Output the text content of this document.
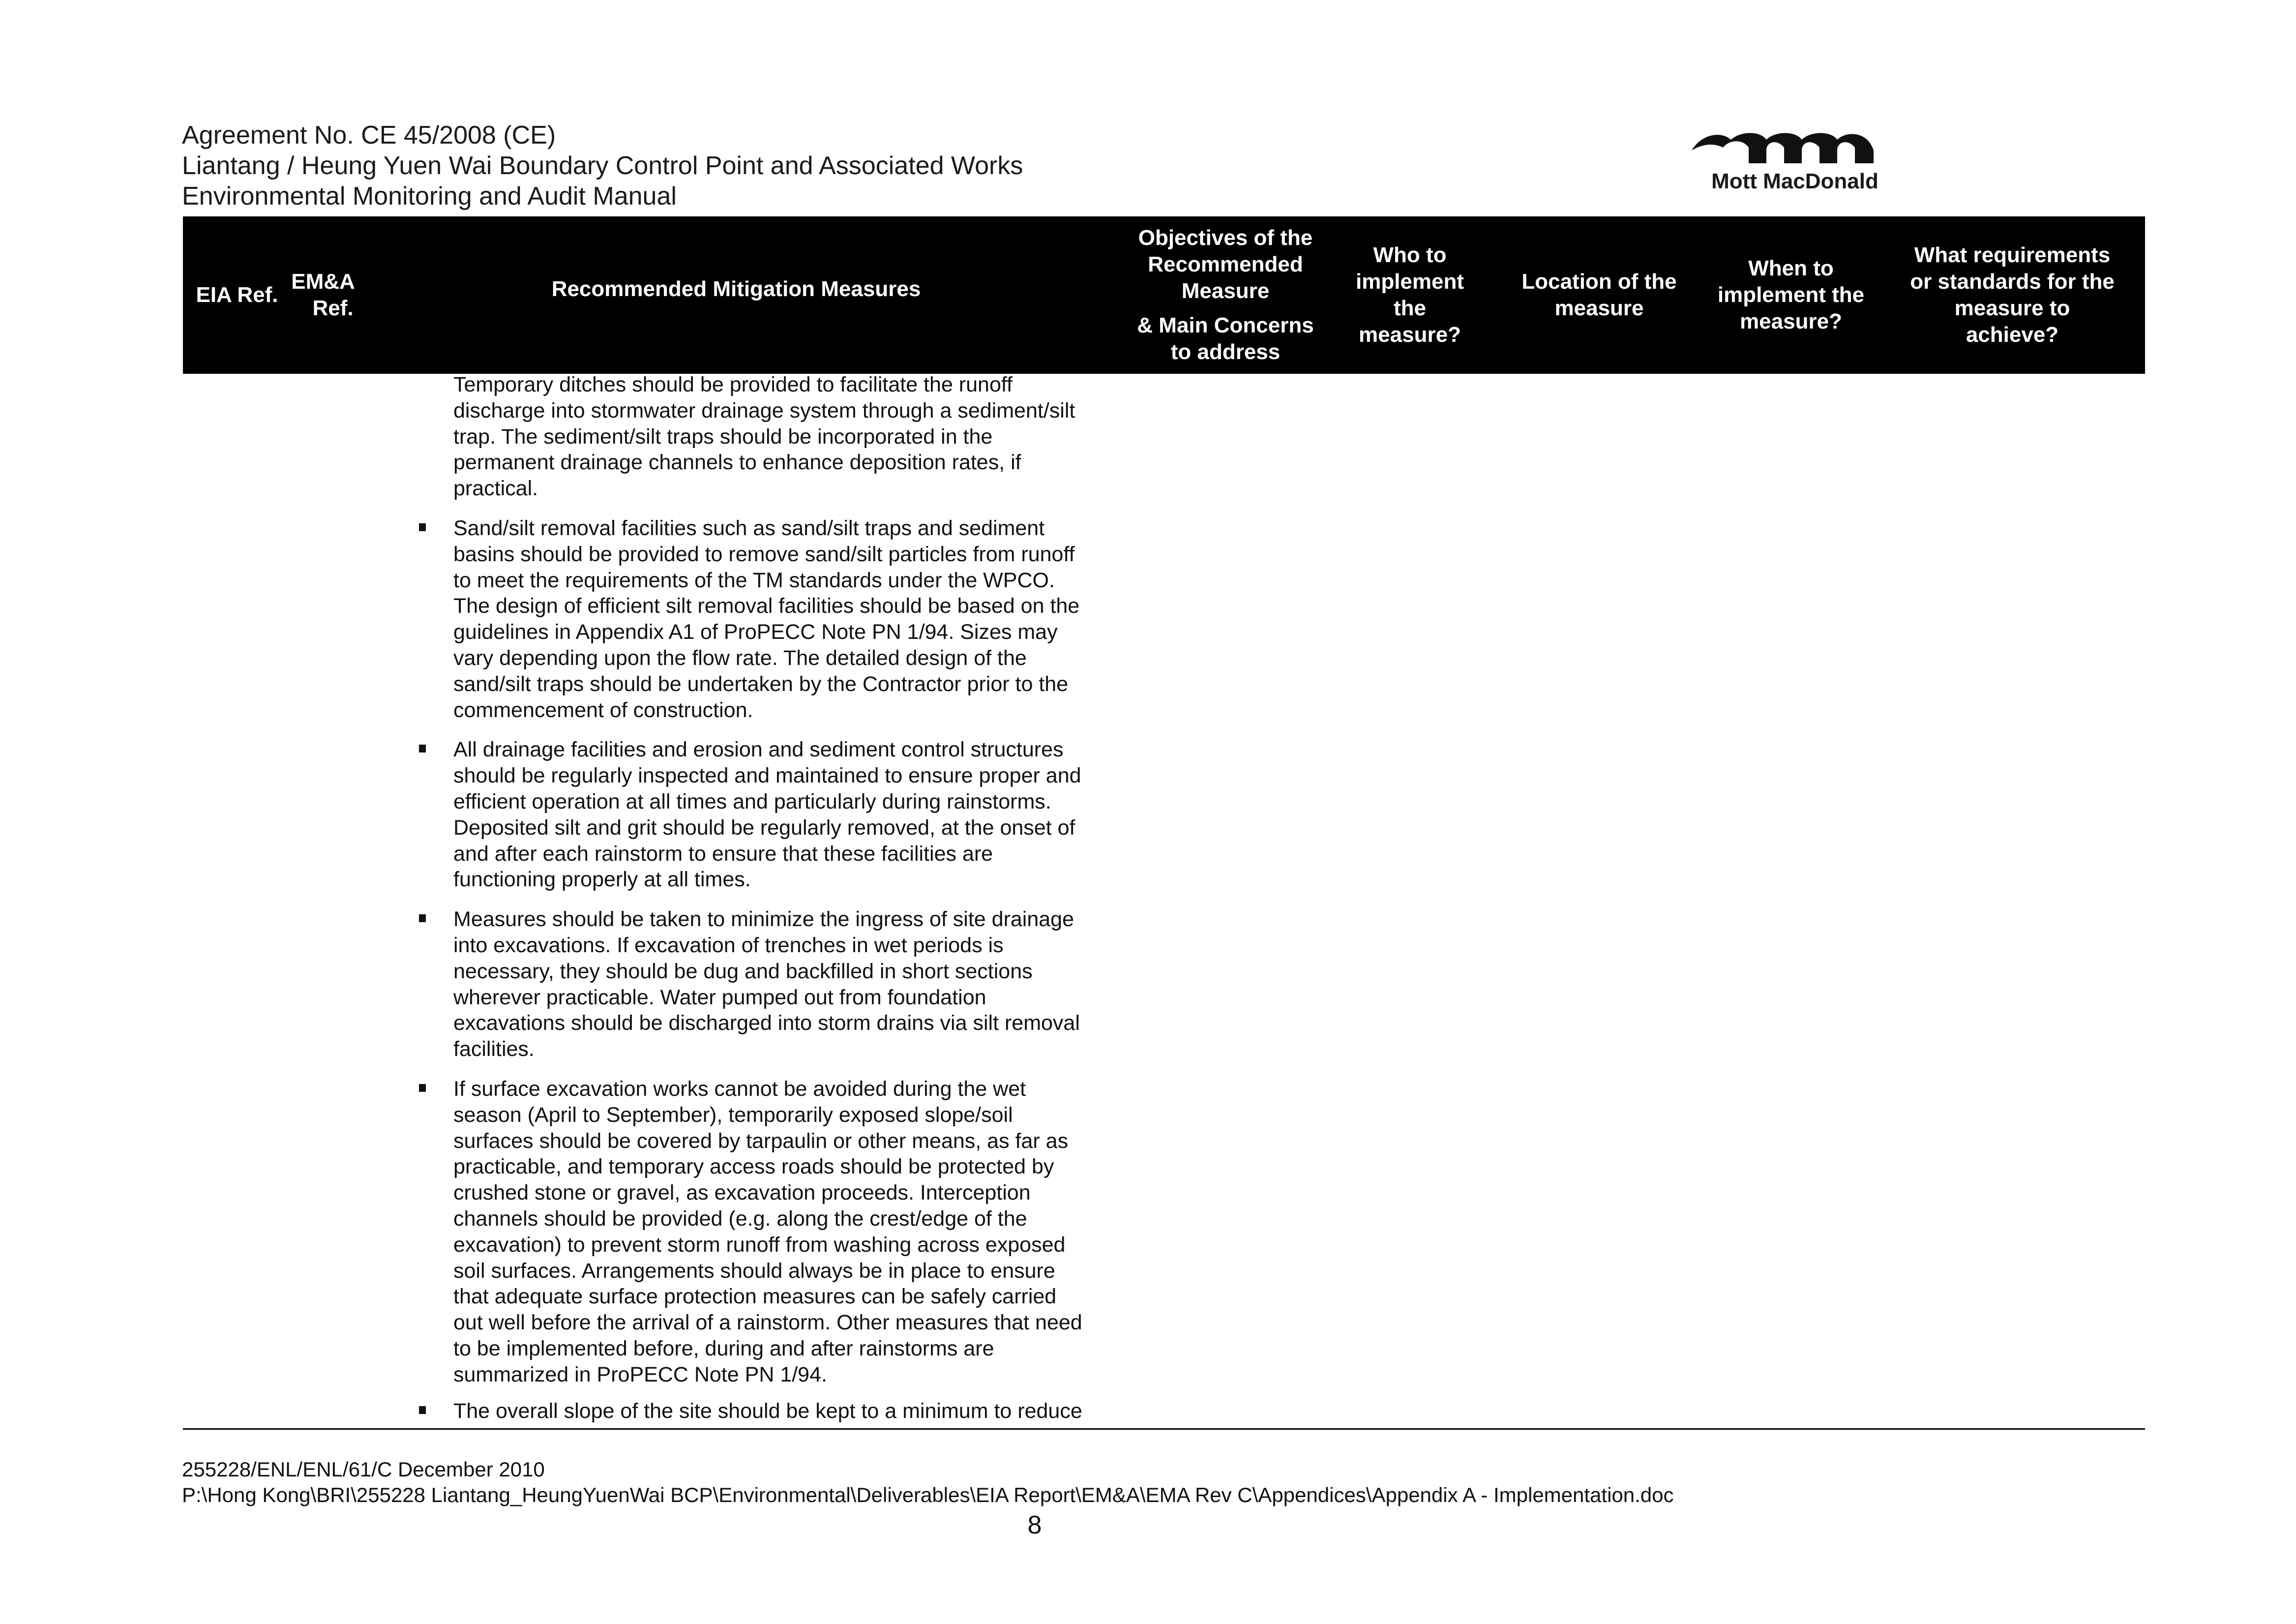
Agreement No. CE 45/2008 (CE)
Liantang / Heung Yuen Wai Boundary Control Point and Associated Works
Environmental Monitoring and Audit Manual
Mott MacDonald
EIA Ref.
EM&A
Ref.
Recommended Mitigation Measures
Objectives of the
Recommended
Measure
& Main Concerns
to address
Who to
implement
the
measure?
Location of the
measure
When to
implement the
measure?
What requirements
or standards for the
measure to
achieve?
Temporary ditches should be provided to facilitate the runoff
discharge into stormwater drainage system through a sediment/silt
trap. The sediment/silt traps should be incorporated in the
permanent drainage channels to enhance deposition rates, if
practical.
Sand/silt removal facilities such as sand/silt traps and sediment
basins should be provided to remove sand/silt particles from runoff
to meet the requirements of the TM standards under the WPCO.
The design of efficient silt removal facilities should be based on the
guidelines in Appendix A1 of ProPECC Note PN 1/94. Sizes may
vary depending upon the flow rate. The detailed design of the
sand/silt traps should be undertaken by the Contractor prior to the
commencement of construction.
All drainage facilities and erosion and sediment control structures
should be regularly inspected and maintained to ensure proper and
efficient operation at all times and particularly during rainstorms.
Deposited silt and grit should be regularly removed, at the onset of
and after each rainstorm to ensure that these facilities are
functioning properly at all times.
Measures should be taken to minimize the ingress of site drainage
into excavations. If excavation of trenches in wet periods is
necessary, they should be dug and backfilled in short sections
wherever practicable. Water pumped out from foundation
excavations should be discharged into storm drains via silt removal
facilities.
If surface excavation works cannot be avoided during the wet
season (April to September), temporarily exposed slope/soil
surfaces should be covered by tarpaulin or other means, as far as
practicable, and temporary access roads should be protected by
crushed stone or gravel, as excavation proceeds. Interception
channels should be provided (e.g. along the crest/edge of the
excavation) to prevent storm runoff from washing across exposed
soil surfaces. Arrangements should always be in place to ensure
that adequate surface protection measures can be safely carried
out well before the arrival of a rainstorm. Other measures that need
to be implemented before, during and after rainstorms are
summarized in ProPECC Note PN 1/94.
The overall slope of the site should be kept to a minimum to reduce
255228/ENL/ENL/61/C December 2010
P:\Hong Kong\BRI\255228 Liantang_HeungYuenWai BCP\Environmental\Deliverables\EIA Report\EM&A\EMA Rev C\Appendices\Appendix A - Implementation.doc
8
